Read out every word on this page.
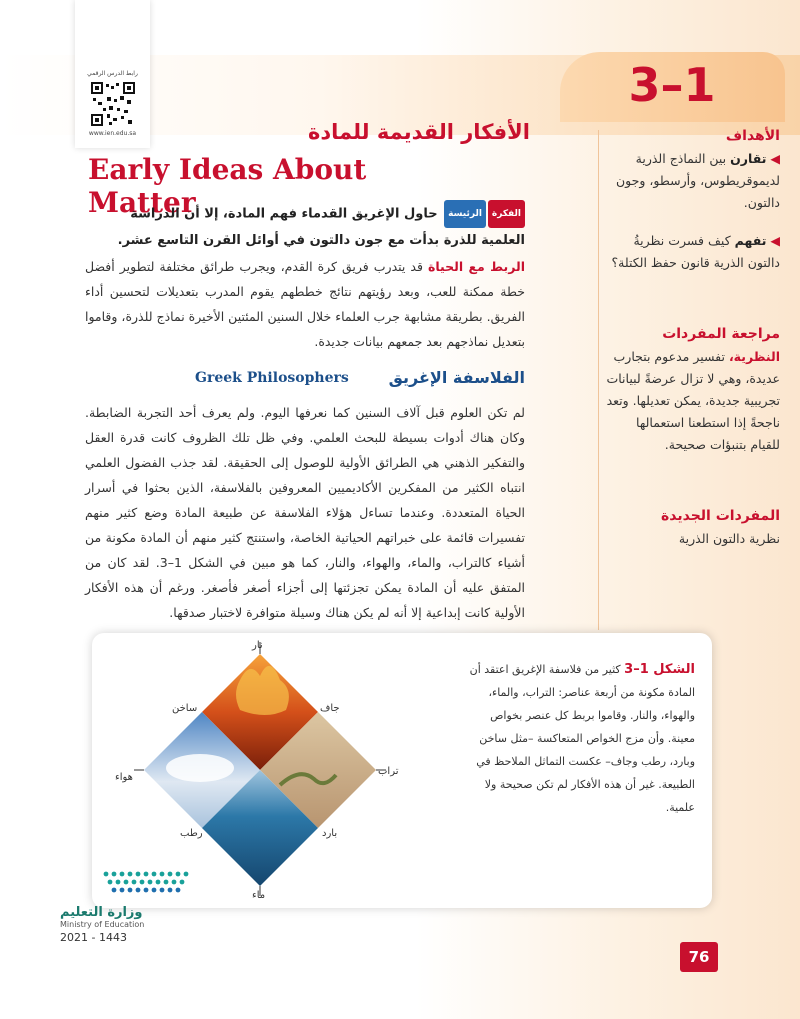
3–1
رابط الدرس الرقمي
www.ien.edu.sa	الأهداف
◀ تقارن بين النماذج الذرية لديموقريطوس، وأرسطو، وجون دالتون.
◀ تفهم كيف فسرت نظريةُ دالتون الذرية قانون حفظ الكتلة؟
مراجعة المفردات
النظرية، تفسير مدعوم بتجارب عديدة، وهي لا تزال عرضةً لبيانات تجريبية جديدة، يمكن تعديلها. وتعد ناجحةً إذا استطعنا استعمالها للقيام بتنبؤات صحيحة.
المفردات الجديدة
نظرية دالتون الذرية
الأفكار القديمة للمادة
Early Ideas About Matter	الفكرةالرئيسة حاول الإغريق القدماء فهم المادة، إلا أن الدراسة العلمية للذرة بدأت مع جون دالتون في أوائل القرن التاسع عشر.
الربط مع الحياة قد يتدرب فريق كرة القدم، ويجرب طرائق مختلفة لتطوير أفضل خطة ممكنة للعب، وبعد رؤيتهم نتائج خططهم يقوم المدرب بتعديلات لتحسين أداء الفريق. بطريقة مشابهة جرب العلماء خلال السنين المئتين الأخيرة نماذج للذرة، وقاموا بتعديل نماذجهم بعد جمعهم بيانات جديدة.
الفلاسفة الإغريق
Greek Philosophers
لم تكن العلوم قبل آلاف السنين كما نعرفها اليوم. ولم يعرف أحد التجربة الضابطة. وكان هناك أدوات بسيطة للبحث العلمي. وفي ظل تلك الظروف كانت قدرة العقل والتفكير الذهني هي الطرائق الأولية للوصول إلى الحقيقة. لقد جذب الفضول العلمي انتباه الكثير من المفكرين الأكاديميين المعروفين بالفلاسفة، الذين بحثوا في أسرار الحياة المتعددة. وعندما تساءل هؤلاء الفلاسفة عن طبيعة المادة وضع كثير منهم تفسيرات قائمة على خبراتهم الحياتية الخاصة، واستنتج كثير منهم أن المادة مكونة من أشياء كالتراب، والماء، والهواء، والنار، كما هو مبين في الشكل 1–3. لقد كان من المتفق عليه أن المادة يمكن تجزئتها إلى أجزاء أصغر فأصغر. ورغم أن هذه الأفكار الأولية كانت إبداعية إلا أنه لم يكن هناك وسيلة متوافرة لاختبار صدقها.
نار
ماء
هواء
تراب
ساخن	جاف
رطب	بارد
الشكل 1–3 كثير من فلاسفة الإغريق اعتقد أن المادة مكونة من أربعة عناصر: التراب، والماء، والهواء، والنار. وقاموا بربط كل عنصر بخواص معينة. وأن مزج الخواص المتعاكسة –مثل ساخن وبارد، رطب وجاف– عكست التماثل الملاحظ في الطبيعة. غير أن هذه الأفكار لم تكن صحيحة ولا علمية.
وزارة التعليم
Ministry of Education
2021 - 1443
76
